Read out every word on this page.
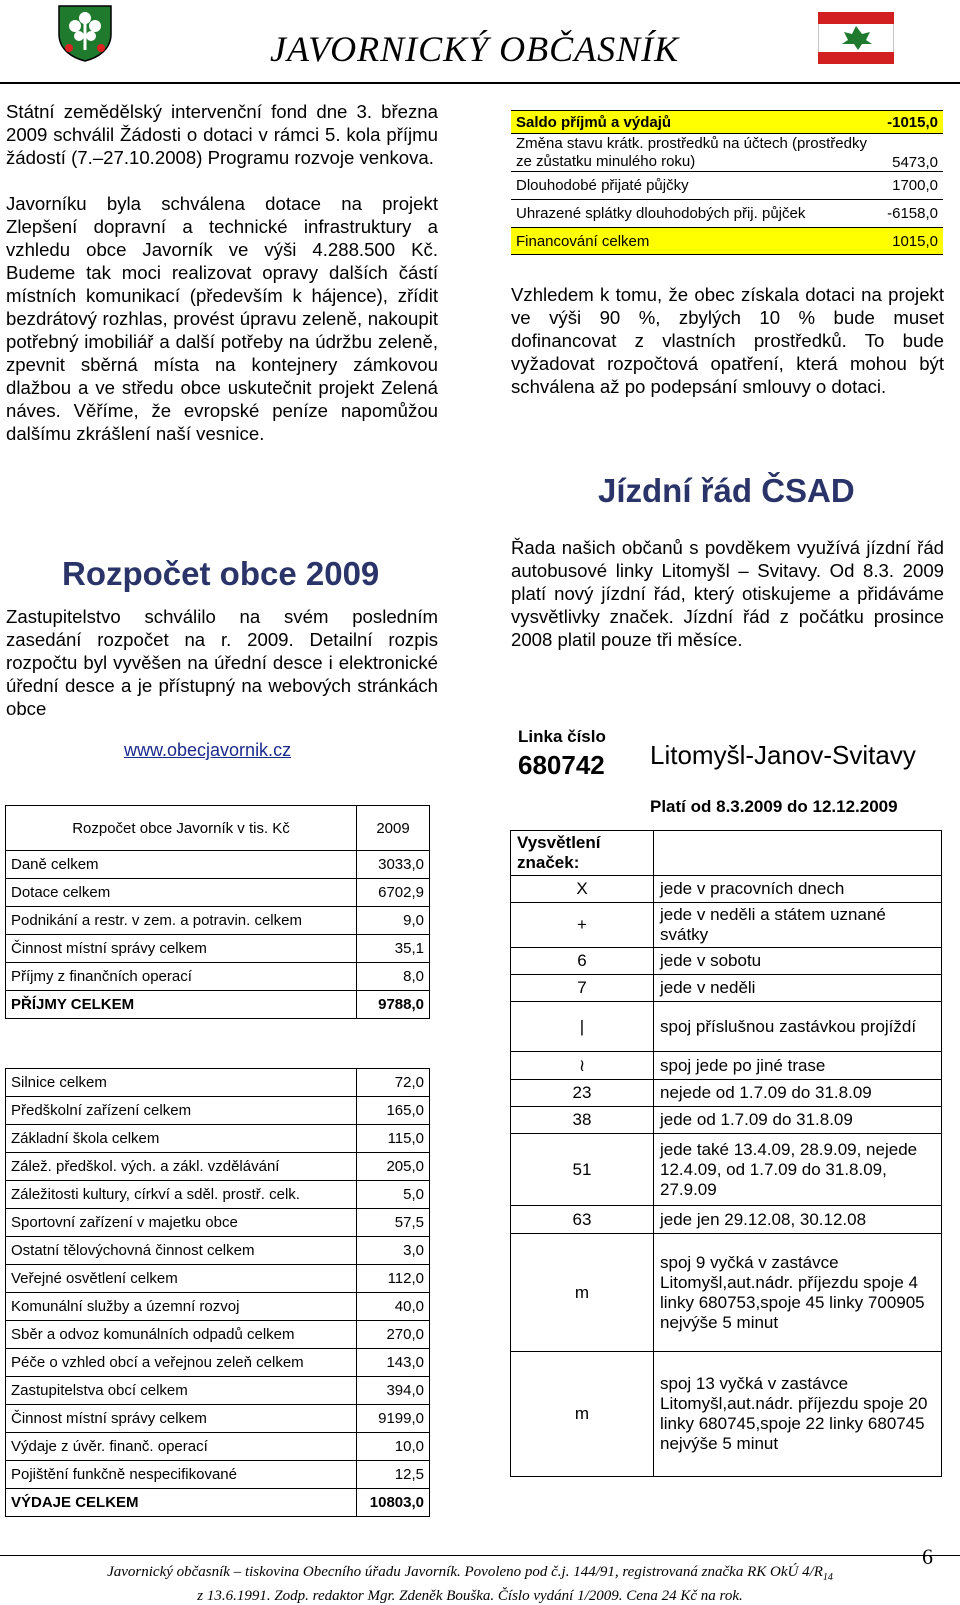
JAVORNICKÝ OBČASNÍK

Státní zemědělský intervenční fond dne 3. března 2009 schválil Žádosti o dotaci v rámci 5. kola příjmu žádostí (7.–27.10.2008) Programu rozvoje venkova.

Javorníku byla schválena dotace na projekt Zlepšení dopravní a technické infrastruktury a vzhledu obce Javorník ve výši 4.288.500 Kč. Budeme tak moci realizovat opravy dalších částí místních komunikací (především k hájence), zřídit bezdrátový rozhlas, provést úpravu zeleně, nakoupit potřebný imobiliář a další potřeby na údržbu zeleně, zpevnit sběrná místa na kontejnery zámkovou dlažbou a ve středu obce uskutečnit projekt Zelená náves. Věříme, že evropské peníze napomůžou dalšímu zkrášlení naší vesnice.

Rozpočet obce 2009
Zastupitelstvo schválilo na svém posledním zasedání rozpočet na r. 2009. Detailní rozpis rozpočtu byl vyvěšen na úřední desce i elektronické úřední desce a je přístupný na webových stránkách obce
www.obecjavornik.cz
Rozpočet obce Javorník v tis. Kč	2009
Daně celkem	3033,0
Dotace celkem	6702,9
Podnikání a restr. v zem. a potravin. celkem	9,0
Činnost místní správy celkem	35,1
Příjmy z finančních operací	8,0
PŘÍJMY CELKEM	9788,0
Silnice celkem	72,0
Předškolní zařízení celkem	165,0
Základní škola celkem	115,0
Zálež. předškol. vých. a zákl. vzdělávání	205,0
Záležitosti kultury, církví a sděl. prostř. celk.	5,0
Sportovní zařízení v majetku obce	57,5
Ostatní tělovýchovná činnost celkem	3,0
Veřejné osvětlení celkem	112,0
Komunální služby a územní rozvoj	40,0
Sběr a odvoz komunálních odpadů celkem	270,0
Péče o vzhled obcí a veřejnou zeleň celkem	143,0
Zastupitelstva obcí celkem	394,0
Činnost místní správy celkem	9199,0
Výdaje z úvěr. finanč. operací	10,0
Pojištění funkčně nespecifikované	12,5
VÝDAJE CELKEM	10803,0
Saldo příjmů a výdajů	-1015,0
Změna stavu krátk. prostředků na účtech (prostředky ze zůstatku minulého roku)	5473,0
Dlouhodobé přijaté půjčky	1700,0
Uhrazené splátky dlouhodobých přij. půjček	-6158,0
Financování celkem	1015,0
Vzhledem k tomu, že obec získala dotaci na projekt ve výši 90 %, zbylých 10 % bude muset dofinancovat z vlastních prostředků. To bude vyžadovat rozpočtová opatření, která mohou být schválena až po podepsání smlouvy o dotaci.
Jízdní řád ČSAD
Řada našich občanů s povděkem využívá jízdní řád autobusové linky Litomyšl – Svitavy. Od 8.3. 2009 platí nový jízdní řád, který otiskujeme a přidáváme vysvětlivky značek. Jízdní řád z počátku prosince 2008 platil pouze tři měsíce.
Linka číslo
680742 Litomyšl-Janov-Svitavy
Platí od 8.3.2009 do 12.12.2009
Vysvětlení značek:	
X	jede v pracovních dnech
+	jede v neděli a státem uznané svátky
6	jede v sobotu
7	jede v neděli
|	spoj příslušnou zastávkou projíždí
≀	spoj jede po jiné trase
23	nejede od 1.7.09 do 31.8.09
38	jede od 1.7.09 do 31.8.09
51	jede také 13.4.09, 28.9.09, nejede 12.4.09, od 1.7.09 do 31.8.09, 27.9.09
63	jede jen 29.12.08, 30.12.08
m	spoj 9 vyčká v zastávce Litomyšl,aut.nádr. příjezdu spoje 4 linky 680753,spoje 45 linky 700905 nejvýše 5 minut
m	spoj 13 vyčká v zastávce Litomyšl,aut.nádr. příjezdu spoje 20 linky 680745,spoje 22 linky 680745 nejvýše 5 minut
Javornický občasník – tiskovina Obecního úřadu Javorník. Povoleno pod č.j. 144/91, registrovaná značka RK OkÚ $4/R_{14}$
z 13.6.1991. Zodp. redaktor Mgr. Zdeněk Bouška. Číslo vydání 1/2009. Cena 24 Kč na rok.
6
